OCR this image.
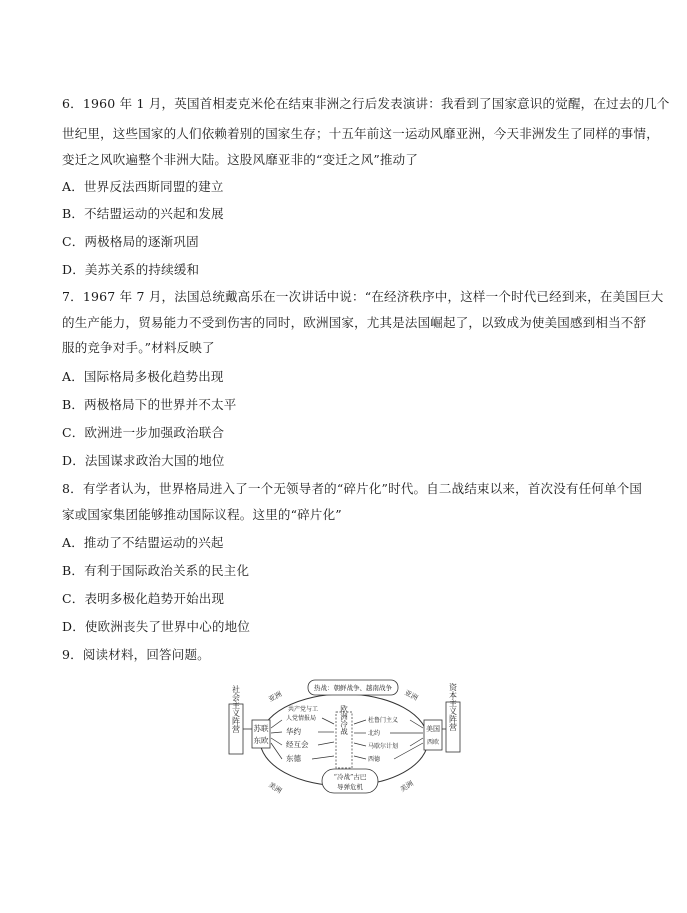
6．1960 年 1 月，英国首相麦克米伦在结束非洲之行后发表演讲：我看到了国家意识的觉醒，在过去的几个
世纪里，这些国家的人们依赖着别的国家生存；十五年前这一运动风靡亚洲，今天非洲发生了同样的事情，
变迁之风吹遍整个非洲大陆。这股风靡亚非的“变迁之风”推动了
A．世界反法西斯同盟的建立
B．不结盟运动的兴起和发展
C．两极格局的逐渐巩固
D．美苏关系的持续缓和
7．1967 年 7 月，法国总统戴高乐在一次讲话中说：“在经济秩序中，这样一个时代已经到来，在美国巨大
的生产能力，贸易能力不受到伤害的同时，欧洲国家，尤其是法国崛起了，以致成为使美国感到相当不舒
服的竞争对手。”材料反映了
A．国际格局多极化趋势出现
B．两极格局下的世界并不太平
C．欧洲进一步加强政治联合
D．法国谋求政治大国的地位
8．有学者认为，世界格局进入了一个无领导者的“碎片化”时代。自二战结束以来，首次没有任何单个国
家或国家集团能够推动国际议程。这里的“碎片化”
A．推动了不结盟运动的兴起
B．有利于国际政治关系的民主化
C．表明多极化趋势开始出现
D．使欧洲丧失了世界中心的地位
9．阅读材料，回答问题。
社会主义阵营	资本主义阵营
热战：朝鲜战争、越南战争
“冷战”古巴
导弹危机
亚洲	亚洲
美洲	美洲
苏联
东欧
美国
西欧
共产党与工
人党情报局
华约
经互会
东德
欧洲冷战	杜鲁门主义
北约
马歇尔计划
西德
